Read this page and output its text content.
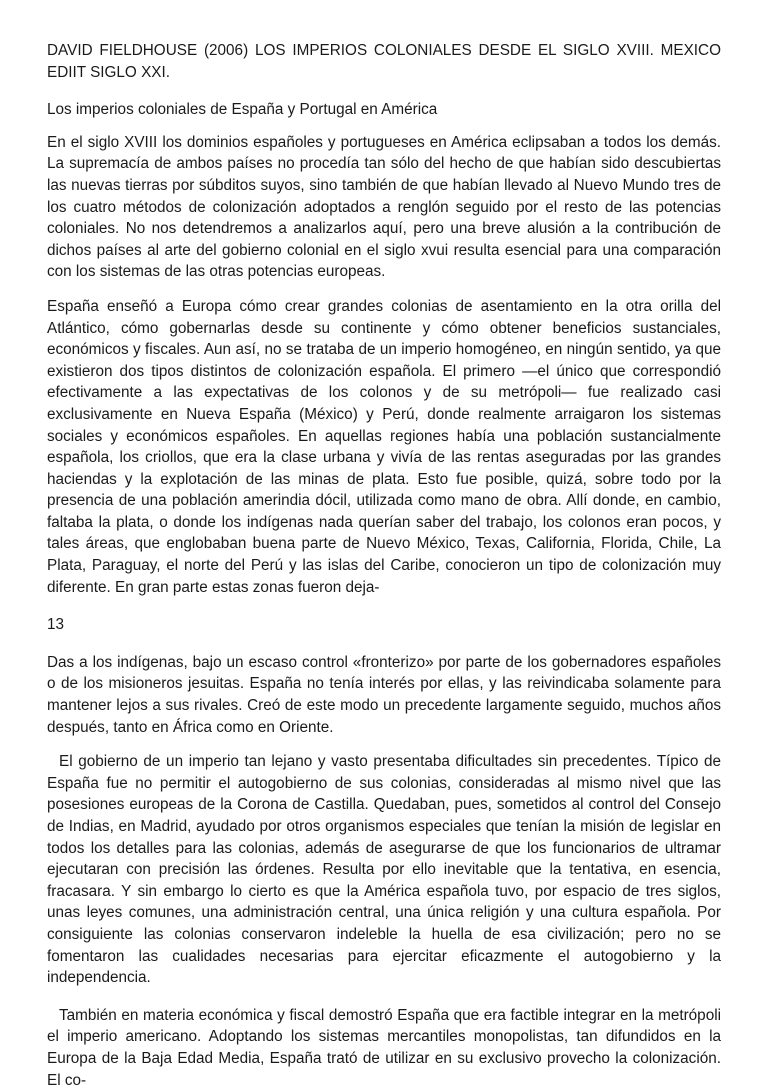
DAVID FIELDHOUSE (2006) LOS IMPERIOS COLONIALES DESDE EL SIGLO XVIII. MEXICO EDIIT SIGLO XXI.

Los imperios coloniales de España y Portugal en América

En el siglo XVIII los dominios españoles y portugueses en América eclipsaban a todos los demás. La supremacía de ambos países no procedía tan sólo del hecho de que habían sido descubiertas las nuevas tierras por súbditos suyos, sino también de que habían llevado al Nuevo Mundo tres de los cuatro métodos de colonización adoptados a renglón seguido por el resto de las potencias coloniales. No nos detendremos a analizarlos aquí, pero una breve alusión a la contribución de dichos países al arte del gobierno colonial en el siglo xvui resulta esencial para una comparación con los sistemas de las otras potencias europeas.

España enseñó a Europa cómo crear grandes colonias de asentamiento en la otra orilla del Atlántico, cómo gobernarlas desde su continente y cómo obtener beneficios sustanciales, económicos y fiscales. Aun así, no se trataba de un imperio homogéneo, en ningún sentido, ya que existieron dos tipos distintos de colonización española. El primero —el único que correspondió efectivamente a las expectativas de los colonos y de su metrópoli— fue realizado casi exclusivamente en Nueva España (México) y Perú, donde realmente arraigaron los sistemas sociales y económicos españoles. En aquellas regiones había una población sustancialmente española, los criollos, que era la clase urbana y vivía de las rentas aseguradas por las grandes haciendas y la explotación de las minas de plata. Esto fue posible, quizá, sobre todo por la presencia de una población amerindia dócil, utilizada como mano de obra. Allí donde, en cambio, faltaba la plata, o donde los indígenas nada querían saber del trabajo, los colonos eran pocos, y tales áreas, que englobaban buena parte de Nuevo México, Texas, California, Florida, Chile, La Plata, Paraguay, el norte del Perú y las islas del Caribe, conocieron un tipo de colonización muy diferente. En gran parte estas zonas fueron deja-

13

Das a los indígenas, bajo un escaso control «fronterizo» por parte de los gobernadores españoles o de los misioneros jesuitas. España no tenía interés por ellas, y las reivindicaba solamente para mantener lejos a sus rivales. Creó de este modo un precedente largamente seguido, muchos años después, tanto en África como en Oriente.

El gobierno de un imperio tan lejano y vasto presentaba dificultades sin precedentes. Típico de España fue no permitir el autogobierno de sus colonias, consideradas al mismo nivel que las posesiones europeas de la Corona de Castilla. Quedaban, pues, sometidos al control del Consejo de Indias, en Madrid, ayudado por otros organismos especiales que tenían la misión de legislar en todos los detalles para las colonias, además de asegurarse de que los funcionarios de ultramar ejecutaran con precisión las órdenes. Resulta por ello inevitable que la tentativa, en esencia, fracasara. Y sin embargo lo cierto es que la América española tuvo, por espacio de tres siglos, unas leyes comunes, una administración central, una única religión y una cultura española. Por consiguiente las colonias conservaron indeleble la huella de esa civilización; pero no se fomentaron las cualidades necesarias para ejercitar eficazmente el autogobierno y la independencia.

También en materia económica y fiscal demostró España que era factible integrar en la metrópoli el imperio americano. Adoptando los sistemas mercantiles monopolistas, tan difundidos en la Europa de la Baja Edad Media, España trató de utilizar en su exclusivo provecho la colonización. El co-
